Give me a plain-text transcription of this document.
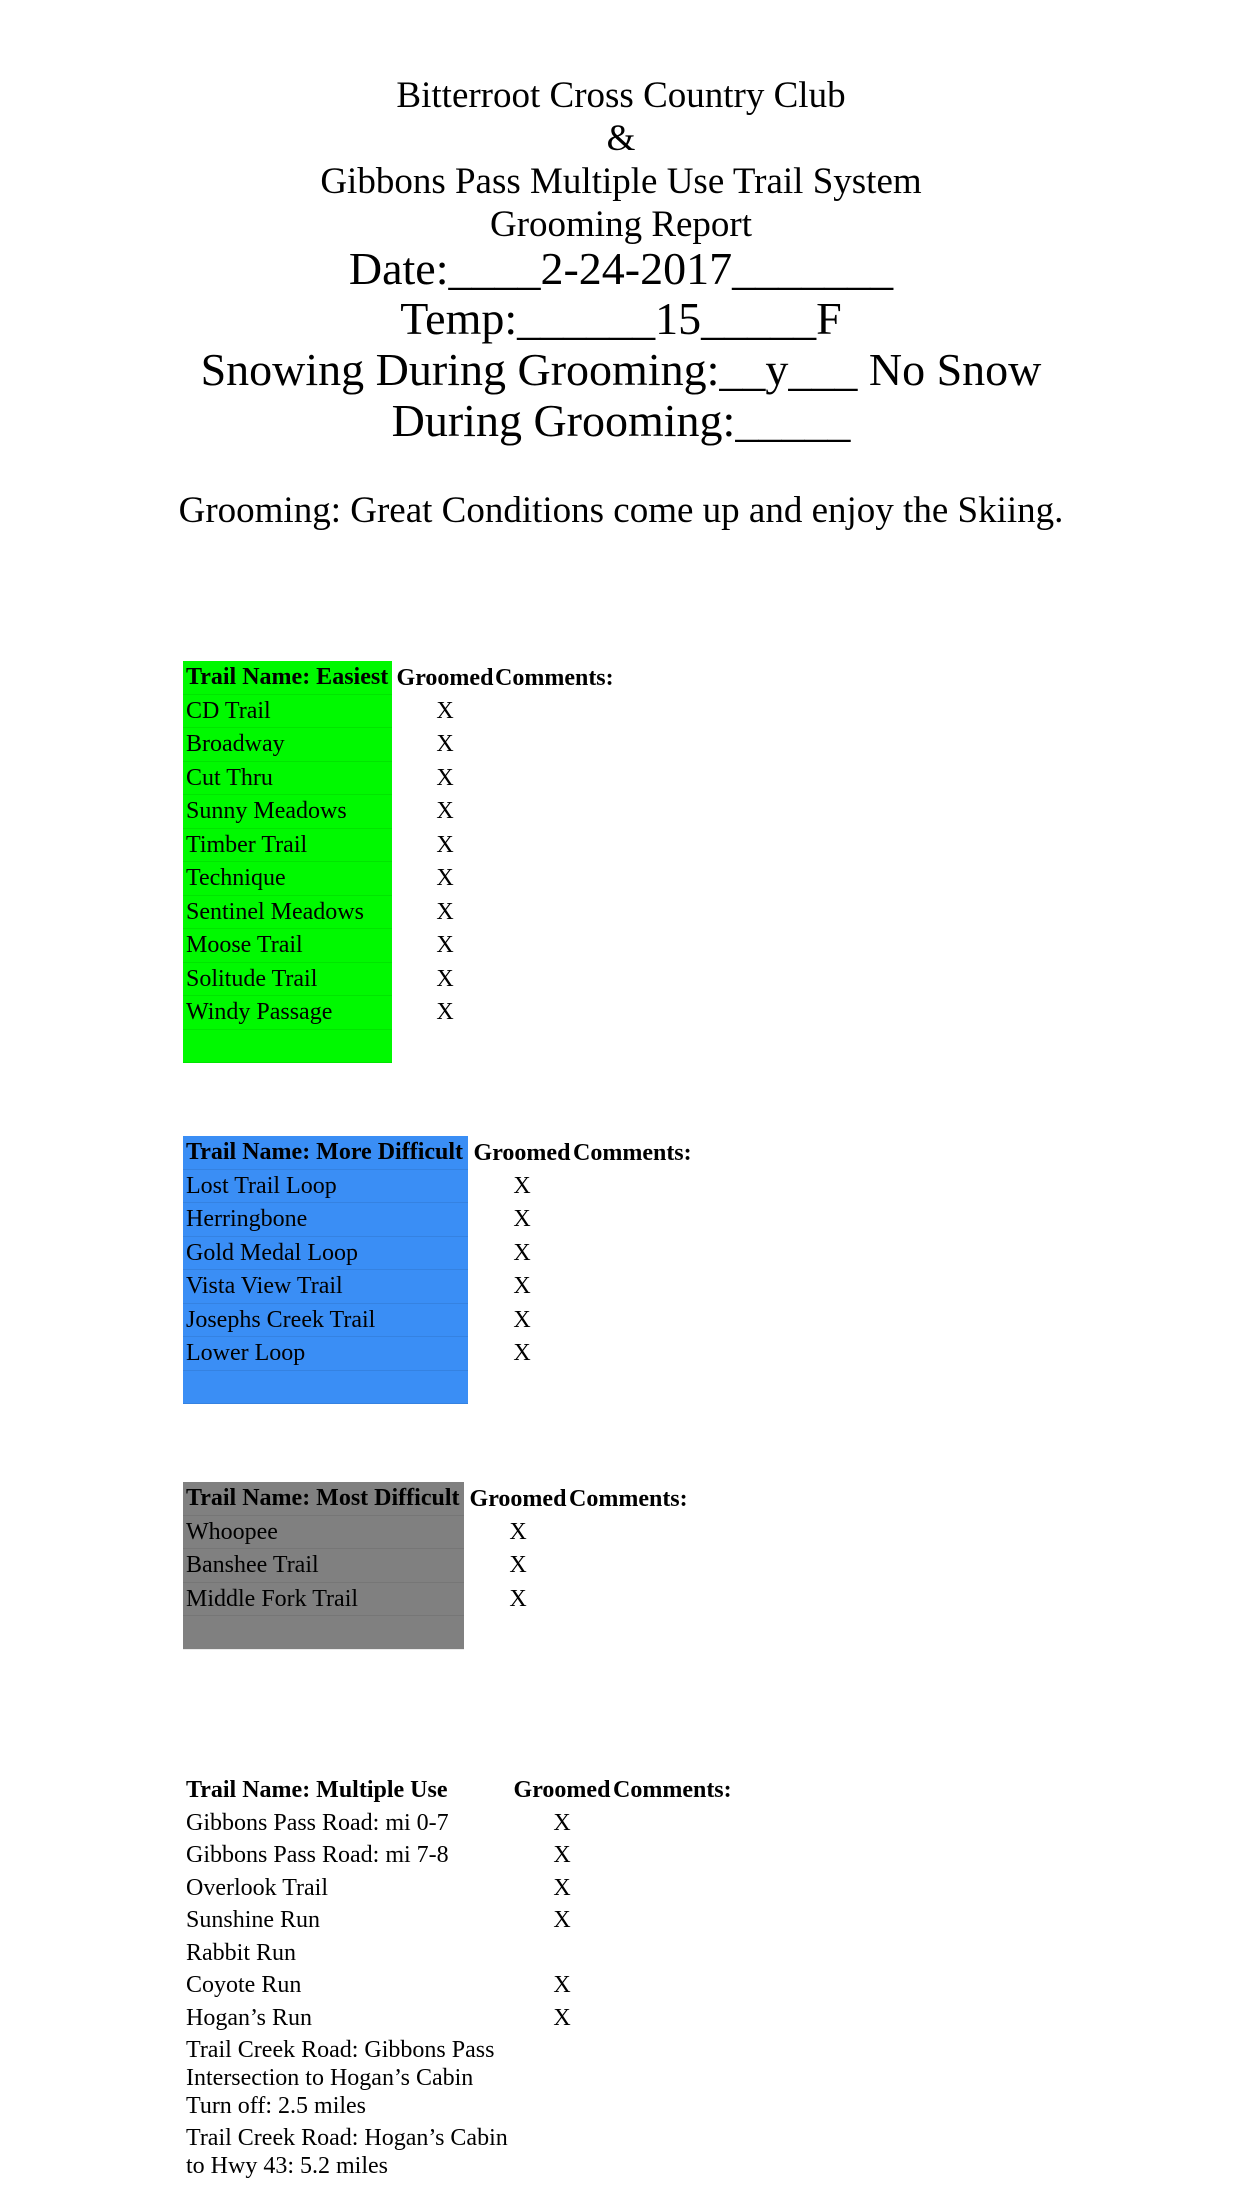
Bitterroot Cross Country Club
&
Gibbons Pass Multiple Use Trail System
Grooming Report
Date:____2-24-2017_______
Temp:______15_____F
Snowing During Grooming:__y___ No Snow
During Grooming:_____
Grooming: Great Conditions come up and enjoy the Skiing.
Trail Name: Easiest	Groomed	Comments:
CD Trail	X	
Broadway	X	
Cut Thru	X	
Sunny Meadows	X	
Timber Trail	X	
Technique	X	
Sentinel Meadows	X	
Moose Trail	X	
Solitude Trail	X	
Windy Passage	X	

Trail Name: More Difficult	Groomed	Comments:
Lost Trail Loop	X	
Herringbone	X	
Gold Medal Loop	X	
Vista View Trail	X	
Josephs Creek Trail	X	
Lower Loop	X	

Trail Name: Most Difficult	Groomed	Comments:
Whoopee	X	
Banshee Trail	X	
Middle Fork Trail	X	

Trail Name: Multiple Use	Groomed	Comments:
Gibbons Pass Road: mi 0-7	X	
Gibbons Pass Road: mi 7-8	X	
Overlook Trail	X	
Sunshine Run	X	
Rabbit Run		
Coyote Run	X	
Hogan’s Run	X	
Trail Creek Road: Gibbons Pass Intersection to Hogan’s Cabin Turn off: 2.5 miles		
Trail Creek Road: Hogan’s Cabin to Hwy 43: 5.2 miles		
